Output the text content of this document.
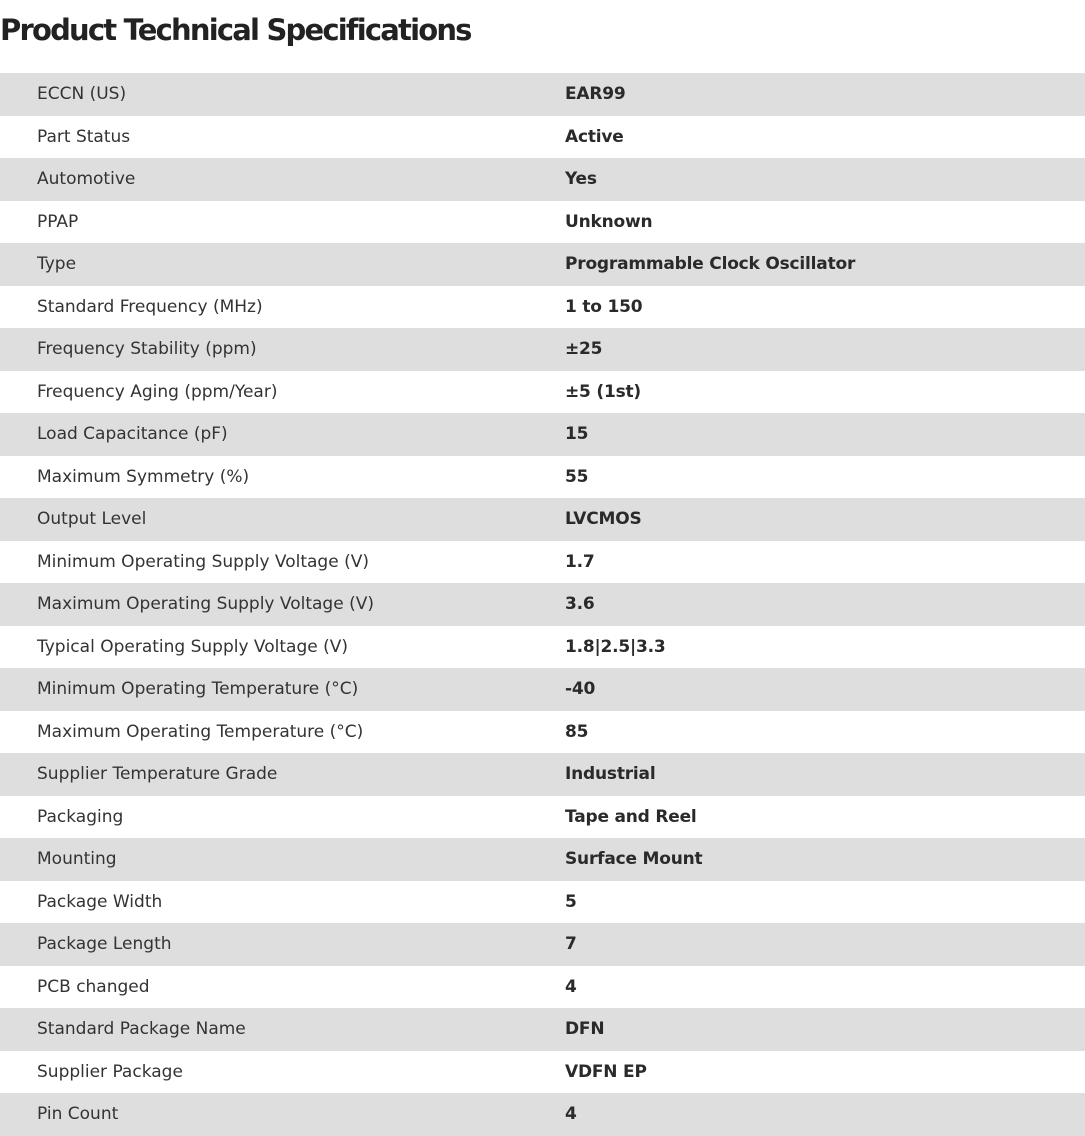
Product Technical Specifications
ECCN (US)	EAR99
Part Status	Active
Automotive	Yes
PPAP	Unknown
Type	Programmable Clock Oscillator
Standard Frequency (MHz)	1 to 150
Frequency Stability (ppm)	±25
Frequency Aging (ppm/Year)	±5 (1st)
Load Capacitance (pF)	15
Maximum Symmetry (%)	55
Output Level	LVCMOS
Minimum Operating Supply Voltage (V)	1.7
Maximum Operating Supply Voltage (V)	3.6
Typical Operating Supply Voltage (V)	1.8|2.5|3.3
Minimum Operating Temperature (°C)	-40
Maximum Operating Temperature (°C)	85
Supplier Temperature Grade	Industrial
Packaging	Tape and Reel
Mounting	Surface Mount
Package Width	5
Package Length	7
PCB changed	4
Standard Package Name	DFN
Supplier Package	VDFN EP
Pin Count	4
